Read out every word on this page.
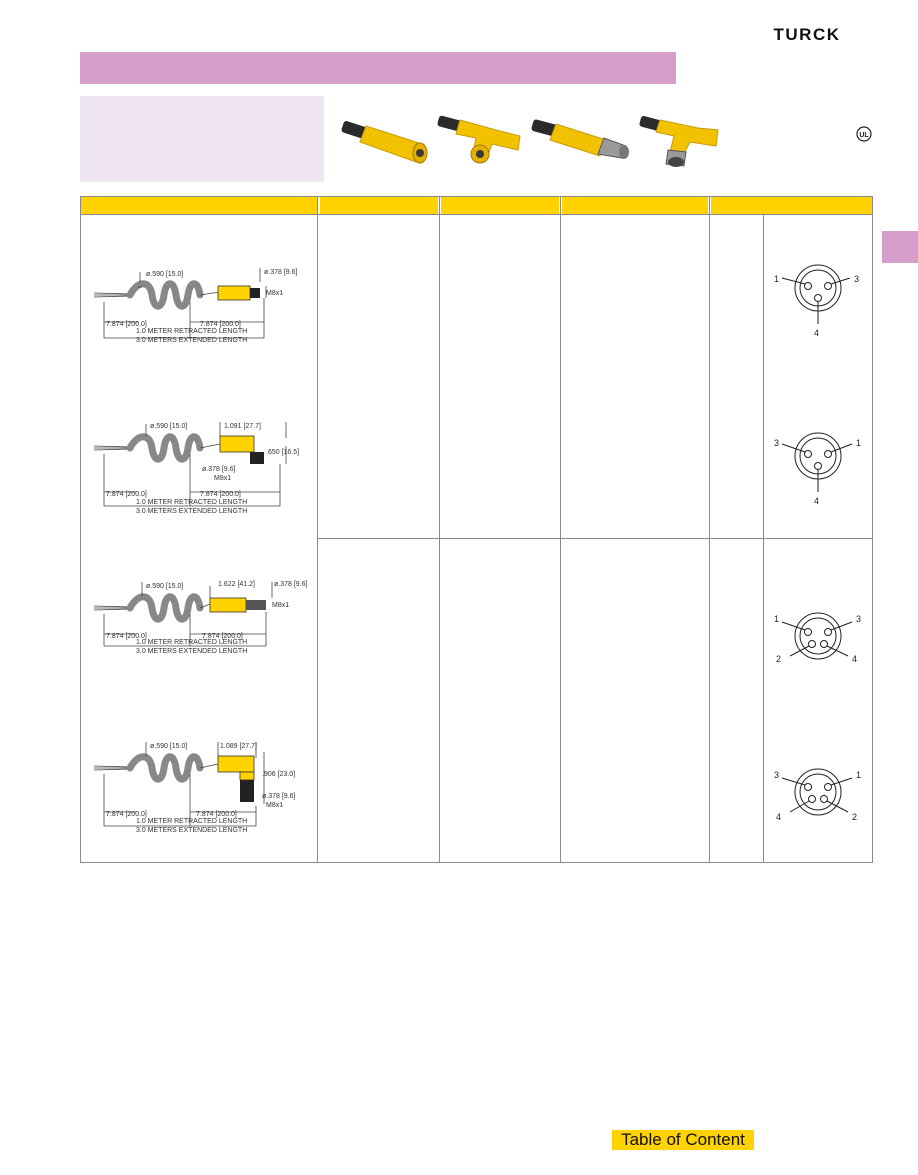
TURCK
UL
ø.590 [15.0]	ø.378 [9.6]
M8x1
7.874 [200.0]	7.874 [200.0]
1.0 METER RETRACTED LENGTH
3.0 METERS EXTENDED LENGTH
ø.590 [15.0]	1.091 [27.7]
.650 [16.5]
ø.378 [9.6]
M8x1
7.874 [200.0]	7.874 [200.0]
1.0 METER RETRACTED LENGTH
3.0 METERS EXTENDED LENGTH
ø.590 [15.0]	1.622 [41.2]	ø.378 [9.6]
M8x1
7.874 [200.0]	7.874 [200.0]
1.0 METER RETRACTED LENGTH
3.0 METERS EXTENDED LENGTH
ø.590 [15.0]	1.089 [27.7]
.906 [23.0]
ø.378 [9.6]
M8x1
7.874 [200.0]	7.874 [200.0]
1.0 METER RETRACTED LENGTH
3.0 METERS EXTENDED LENGTH
1	3
4
3	1
4
1	3
2	4
3	1
4	2
Table of Content
